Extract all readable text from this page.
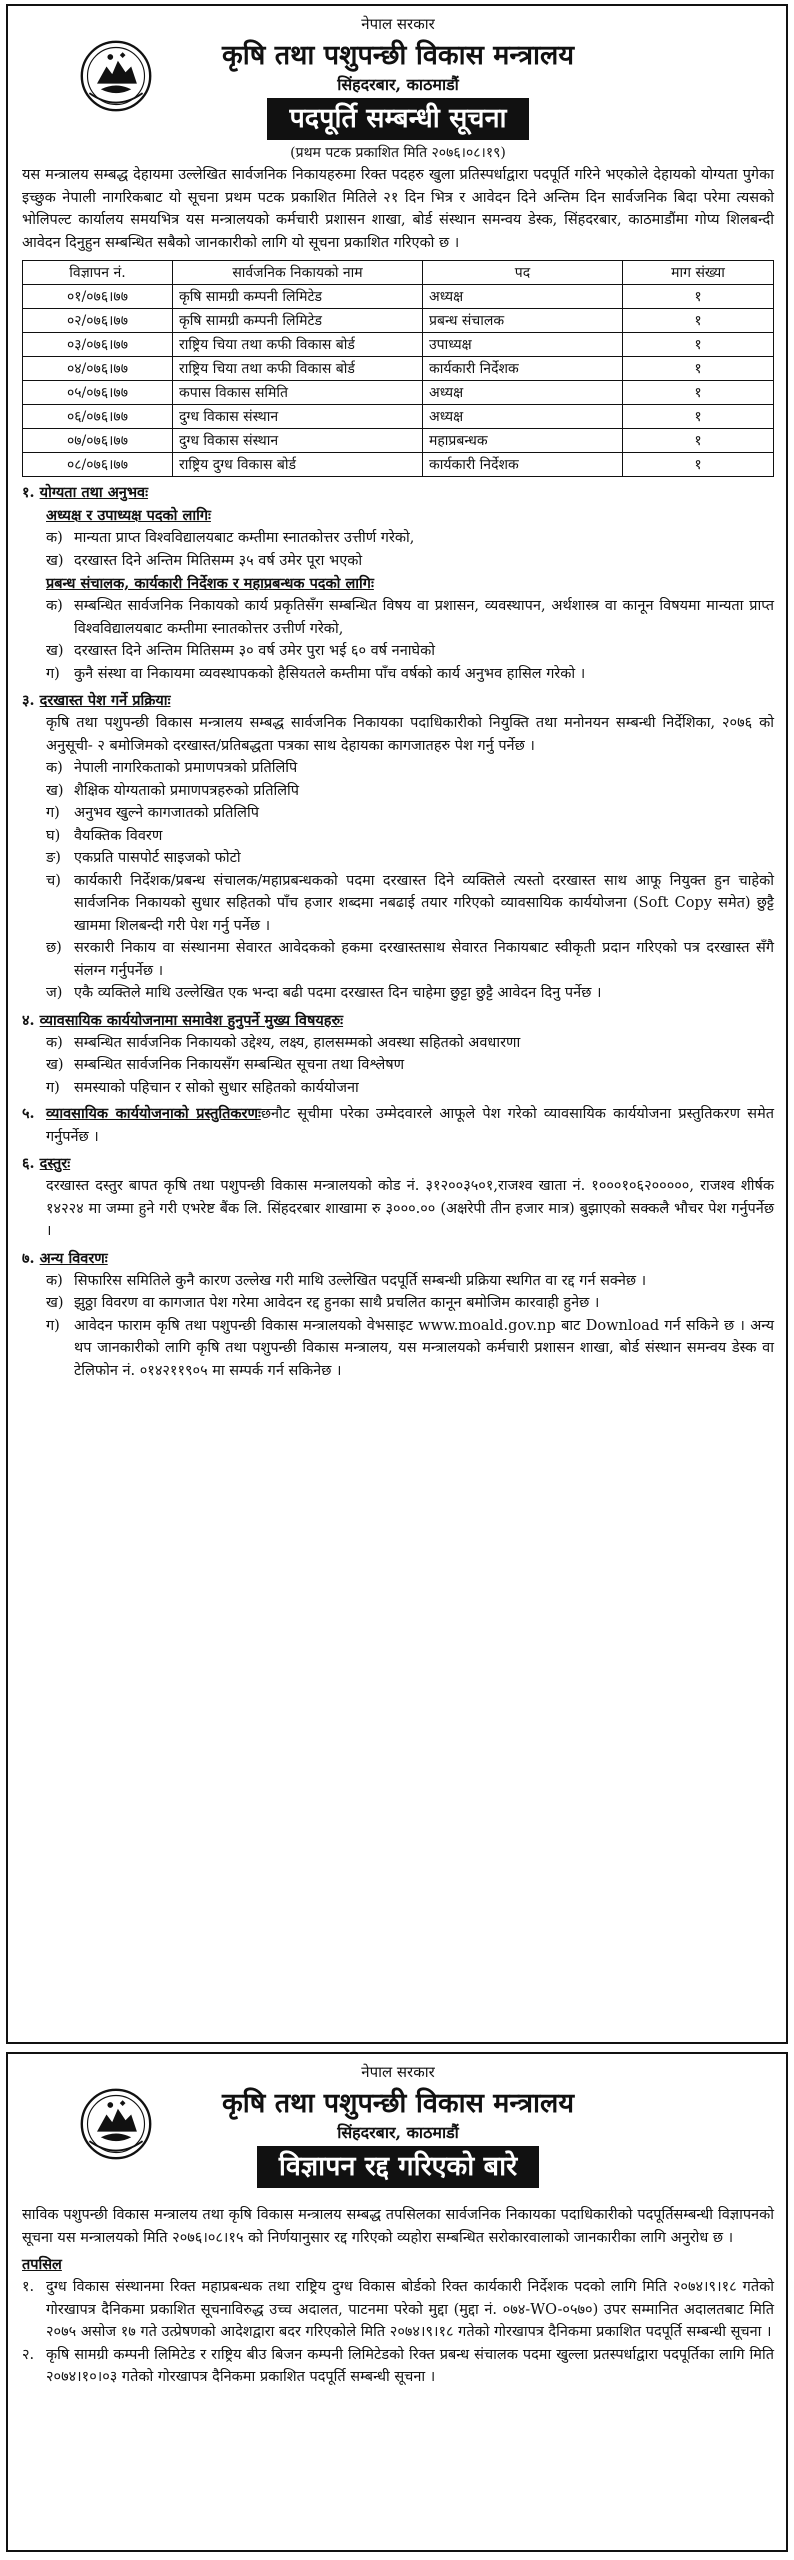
नेपाल सरकार
कृषि तथा पशुपन्छी विकास मन्त्रालय
सिंहदरबार, काठमाडौं
पदपूर्ति सम्बन्धी सूचना
(प्रथम पटक प्रकाशित मिति २०७६।०८।१९)

यस मन्त्रालय सम्बद्ध देहायमा उल्लेखित सार्वजनिक निकायहरुमा रिक्त पदहरु खुला प्रतिस्पर्धाद्वारा पदपूर्ति गरिने भएकोले देहायको योग्यता पुगेका इच्छुक नेपाली नागरिकबाट यो सूचना प्रथम पटक प्रकाशित मितिले २१ दिन भित्र र आवेदन दिने अन्तिम दिन सार्वजनिक बिदा परेमा त्यसको भोलिपल्ट कार्यालय समयभित्र यस मन्त्रालयको कर्मचारी प्रशासन शाखा, बोर्ड संस्थान समन्वय डेस्क, सिंहदरबार, काठमाडौंमा गोप्य शिलबन्दी आवेदन दिनुहुन सम्बन्धित सबैको जानकारीको लागि यो सूचना प्रकाशित गरिएको छ ।

विज्ञापन नं.	सार्वजनिक निकायको नाम	पद	माग संख्या
०१/०७६।७७	कृषि सामग्री कम्पनी लिमिटेड	अध्यक्ष	१
०२/०७६।७७	कृषि सामग्री कम्पनी लिमिटेड	प्रबन्ध संचालक	१
०३/०७६।७७	राष्ट्रिय चिया तथा कफी विकास बोर्ड	उपाध्यक्ष	१
०४/०७६।७७	राष्ट्रिय चिया तथा कफी विकास बोर्ड	कार्यकारी निर्देशक	१
०५/०७६।७७	कपास विकास समिति	अध्यक्ष	१
०६/०७६।७७	दुग्ध विकास संस्थान	अध्यक्ष	१
०७/०७६।७७	दुग्ध विकास संस्थान	महाप्रबन्धक	१
०८/०७६।७७	राष्ट्रिय दुग्ध विकास बोर्ड	कार्यकारी निर्देशक	१
१. योग्यता तथा अनुभवः
अध्यक्ष र उपाध्यक्ष पदको लागिः
क) मान्यता प्राप्त विश्वविद्यालयबाट कम्तीमा स्नातकोत्तर उत्तीर्ण गरेको,
ख) दरखास्त दिने अन्तिम मितिसम्म ३५ वर्ष उमेर पूरा भएको
प्रबन्ध संचालक, कार्यकारी निर्देशक र महाप्रबन्धक पदको लागिः
क) सम्बन्धित सार्वजनिक निकायको कार्य प्रकृतिसँग सम्बन्धित विषय वा प्रशासन, व्यवस्थापन, अर्थशास्त्र वा कानून विषयमा मान्यता प्राप्त विश्वविद्यालयबाट कम्तीमा स्नातकोत्तर उत्तीर्ण गरेको,
ख) दरखास्त दिने अन्तिम मितिसम्म ३० वर्ष उमेर पुरा भई ६० वर्ष ननाघेको
ग) कुनै संस्था वा निकायमा व्यवस्थापकको हैसियतले कम्तीमा पाँच वर्षको कार्य अनुभव हासिल गरेको ।
३. दरखास्त पेश गर्ने प्रक्रियाः
कृषि तथा पशुपन्छी विकास मन्त्रालय सम्बद्ध सार्वजनिक निकायका पदाधिकारीको नियुक्ति तथा मनोनयन सम्बन्धी निर्देशिका, २०७६ को अनुसूची- २ बमोजिमको दरखास्त/प्रतिबद्धता पत्रका साथ देहायका कागजातहरु पेश गर्नु पर्नेछ ।
क) नेपाली नागरिकताको प्रमाणपत्रको प्रतिलिपि
ख) शैक्षिक योग्यताको प्रमाणपत्रहरुको प्रतिलिपि
ग) अनुभव खुल्ने कागजातको प्रतिलिपि
घ) वैयक्तिक विवरण
ङ) एकप्रति पासपोर्ट साइजको फोटो
च) कार्यकारी निर्देशक/प्रबन्ध संचालक/महाप्रबन्धकको पदमा दरखास्त दिने व्यक्तिले त्यस्तो दरखास्त साथ आफू नियुक्त हुन चाहेको सार्वजनिक निकायको सुधार सहितको पाँच हजार शब्दमा नबढाई तयार गरिएको व्यावसायिक कार्ययोजना (Soft Copy समेत) छुट्टै खाममा शिलबन्दी गरी पेश गर्नु पर्नेछ ।
छ) सरकारी निकाय वा संस्थानमा सेवारत आवेदकको हकमा दरखास्तसाथ सेवारत निकायबाट स्वीकृती प्रदान गरिएको पत्र दरखास्त सँगै संलग्न गर्नुपर्नेछ ।
ज) एकै व्यक्तिले माथि उल्लेखित एक भन्दा बढी पदमा दरखास्त दिन चाहेमा छुट्टा छुट्टै आवेदन दिनु पर्नेछ ।
४. व्यावसायिक कार्ययोजनामा समावेश हुनुपर्ने मुख्य विषयहरुः
क) सम्बन्धित सार्वजनिक निकायको उद्देश्य, लक्ष्य, हालसम्मको अवस्था सहितको अवधारणा
ख) सम्बन्धित सार्वजनिक निकायसँग सम्बन्धित सूचना तथा विश्लेषण
ग) समस्याको पहिचान र सोको सुधार सहितको कार्ययोजना
५. व्यावसायिक कार्ययोजनाको प्रस्तुतिकरणःछनौट सूचीमा परेका उम्मेदवारले आफूले पेश गरेको व्यावसायिक कार्ययोजना प्रस्तुतिकरण समेत गर्नुपर्नेछ ।
६. दस्तुरः
दरखास्त दस्तुर बापत कृषि तथा पशुपन्छी विकास मन्त्रालयको कोड नं. ३१२००३५०१,राजश्व खाता नं. १०००१०६२०००००, राजश्व शीर्षक १४२२४ मा जम्मा हुने गरी एभरेष्ट बैंक लि. सिंहदरबार शाखामा रु ३०००.०० (अक्षरेपी तीन हजार मात्र) बुझाएको सक्कलै भौचर पेश गर्नुपर्नेछ ।
७. अन्य विवरणः
क) सिफारिस समितिले कुनै कारण उल्लेख गरी माथि उल्लेखित पदपूर्ति सम्बन्धी प्रक्रिया स्थगित वा रद्द गर्न सक्नेछ ।
ख) झुठ्ठा विवरण वा कागजात पेश गरेमा आवेदन रद्द हुनका साथै प्रचलित कानून बमोजिम कारवाही हुनेछ ।
ग) आवेदन फाराम कृषि तथा पशुपन्छी विकास मन्त्रालयको वेभसाइट www.moald.gov.np बाट Download गर्न सकिने छ । अन्य थप जानकारीको लागि कृषि तथा पशुपन्छी विकास मन्त्रालय, यस मन्त्रालयको कर्मचारी प्रशासन शाखा, बोर्ड संस्थान समन्वय डेस्क वा टेलिफोन नं. ०१४२११९०५ मा सम्पर्क गर्न सकिनेछ ।
नेपाल सरकार
कृषि तथा पशुपन्छी विकास मन्त्रालय
सिंहदरबार, काठमाडौं
विज्ञापन रद्द गरिएको बारे

साविक पशुपन्छी विकास मन्त्रालय तथा कृषि विकास मन्त्रालय सम्बद्ध तपसिलका सार्वजनिक निकायका पदाधिकारीको पदपूर्तिसम्बन्धी विज्ञापनको सूचना यस मन्त्रालयको मिति २०७६।०८।१५ को निर्णयानुसार रद्द गरिएको व्यहोरा सम्बन्धित सरोकारवालाको जानकारीका लागि अनुरोध छ ।

तपसिल
१. दुग्ध विकास संस्थानमा रिक्त महाप्रबन्धक तथा राष्ट्रिय दुग्ध विकास बोर्डको रिक्त कार्यकारी निर्देशक पदको लागि मिति २०७४।९।१८ गतेको गोरखापत्र दैनिकमा प्रकाशित सूचनाविरुद्ध उच्च अदालत, पाटनमा परेको मुद्दा (मुद्दा नं. ०७४-WO-०५७०) उपर सम्मानित अदालतबाट मिति २०७५ असोज १७ गते उत्प्रेषणको आदेशद्वारा बदर गरिएकोले मिति २०७४।९।१८ गतेको गोरखापत्र दैनिकमा प्रकाशित पदपूर्ति सम्बन्धी सूचना ।
२. कृषि सामग्री कम्पनी लिमिटेड र राष्ट्रिय बीउ बिजन कम्पनी लिमिटेडको रिक्त प्रबन्ध संचालक पदमा खुल्ला प्रतस्पर्धाद्वारा पदपूर्तिका लागि मिति २०७४।१०।०३ गतेको गोरखापत्र दैनिकमा प्रकाशित पदपूर्ति सम्बन्धी सूचना ।
